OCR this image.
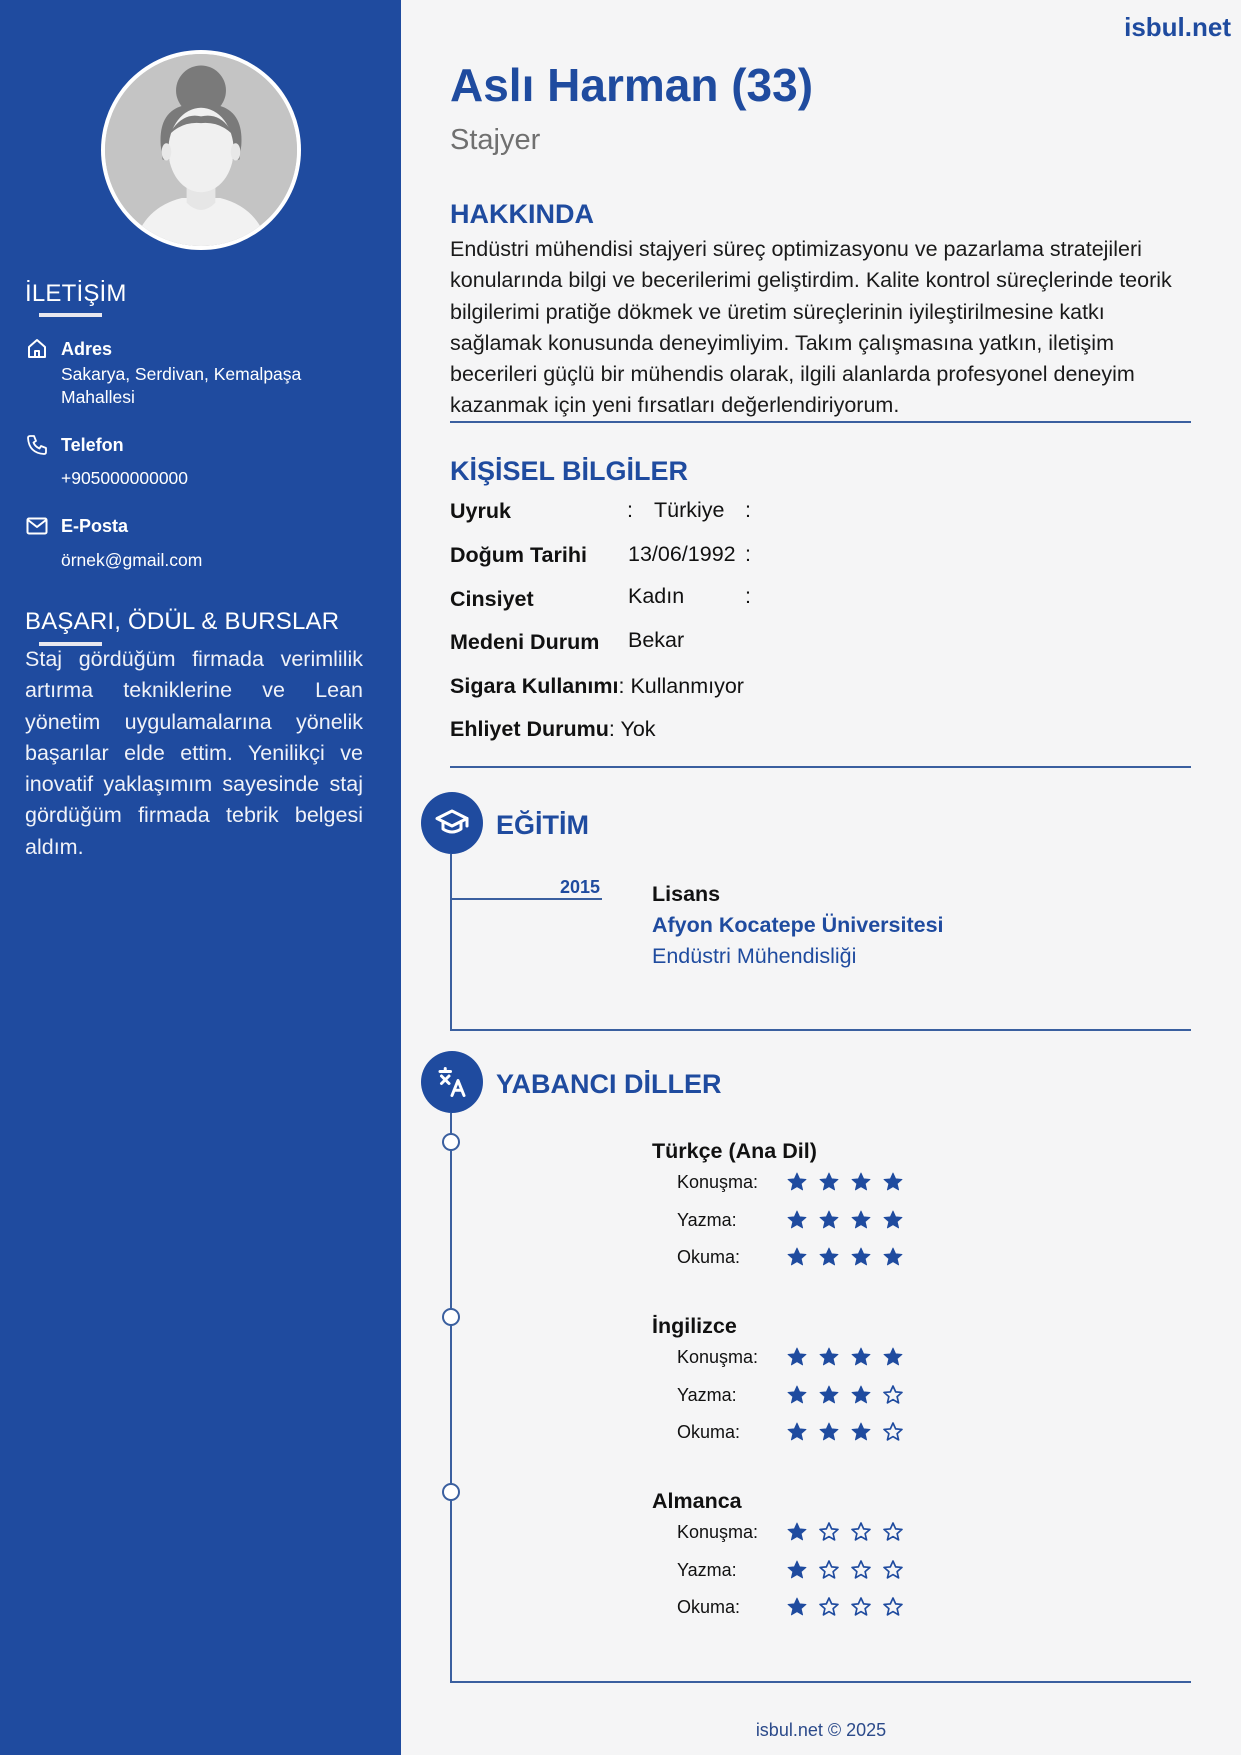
İLETİŞİM
Adres
Sakarya, Serdivan, Kemalpaşa
Mahallesi
Telefon
+905000000000
E-Posta
örnek@gmail.com
BAŞARI, ÖDÜL & BURSLAR
Staj gördüğüm firmada verimlilik artırma tekniklerine ve Lean yönetim uygulamalarına yönelik başarılar elde ettim. Yenilikçi ve inovatif yaklaşımım sayesinde staj gördüğüm firmada tebrik belgesi aldım.
isbul.net
Aslı Harman (33)
Stajyer
HAKKINDA

Endüstri mühendisi stajyeri süreç optimizasyonu ve pazarlama stratejileri konularında bilgi ve becerilerimi geliştirdim. Kalite kontrol süreçlerinde teorik bilgilerimi pratiğe dökmek ve üretim süreçlerinin iyileştirilmesine katkı sağlamak konusunda deneyimliyim. Takım çalışmasına yatkın, iletişim becerileri güçlü bir mühendis olarak, ilgili alanlarda profesyonel deneyim kazanmak için yeni fırsatları değerlendiriyorum.

KİŞİSEL BİLGİLER
Uyruk	: Türkiye :
Doğum Tarihi 13/06/1992 :
Cinsiyet	Kadın	:
Medeni Durum Bekar
Sigara Kullanımı: Kullanmıyor
Ehliyet Durumu: Yok
EĞİTİM
2015 Lisans
Afyon Kocatepe Üniversitesi
Endüstri Mühendisliği
YABANCI DİLLER
Türkçe (Ana Dil)
Konuşma:
Yazma:
Okuma:
İngilizce
Konuşma:
Yazma:
Okuma:
Almanca
Konuşma:
Yazma:
Okuma:
isbul.net © 2025
